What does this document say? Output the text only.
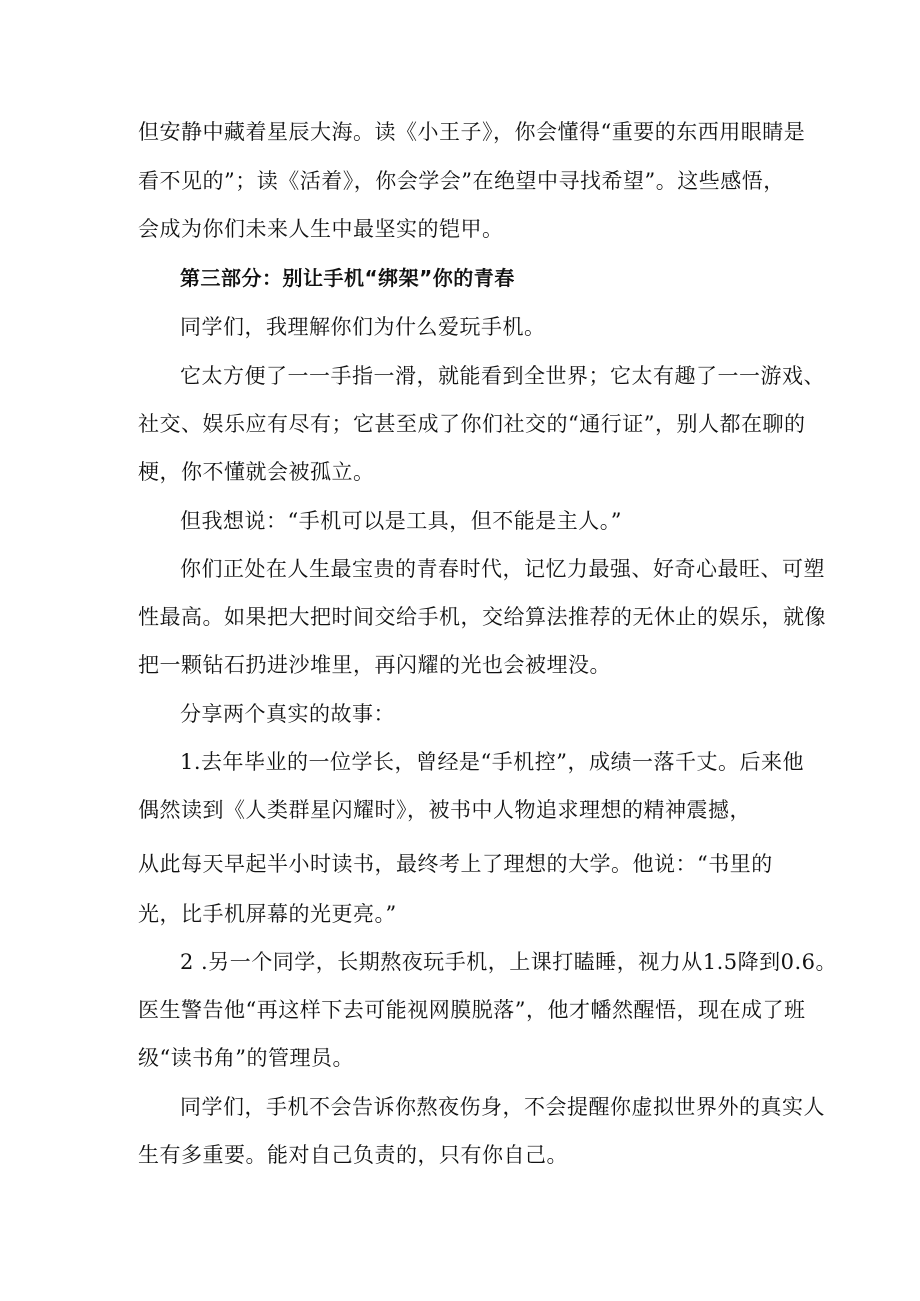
但安静中藏着星辰大海。读《小王子》，你会懂得“重要的东西用眼睛是

看不见的”；读《活着》，你会学会”在绝望中寻找希望”。这些感悟，

会成为你们未来人生中最坚实的铠甲。

第三部分：别让手机“绑架”你的青春

同学们，我理解你们为什么爱玩手机。

它太方便了一一手指一滑，就能看到全世界；它太有趣了一一游戏、

社交、娱乐应有尽有；它甚至成了你们社交的“通行证”，别人都在聊的

梗，你不懂就会被孤立。

但我想说：“手机可以是工具，但不能是主人。”

你们正处在人生最宝贵的青春时代，记忆力最强、好奇心最旺、可塑

性最高。如果把大把时间交给手机，交给算法推荐的无休止的娱乐，就像

把一颗钻石扔进沙堆里，再闪耀的光也会被埋没。

分享两个真实的故事：

1.去年毕业的一位学长，曾经是“手机控”，成绩一落千丈。后来他

偶然读到《人类群星闪耀时》，被书中人物追求理想的精神震撼，

从此每天早起半小时读书，最终考上了理想的大学。他说：“书里的

光，比手机屏幕的光更亮。”

2 .另一个同学，长期熬夜玩手机，上课打瞌睡，视力从1.5降到0.6。

医生警告他“再这样下去可能视网膜脱落”，他才幡然醒悟，现在成了班

级“读书角”的管理员。

同学们，手机不会告诉你熬夜伤身，不会提醒你虚拟世界外的真实人

生有多重要。能对自己负责的，只有你自己。
